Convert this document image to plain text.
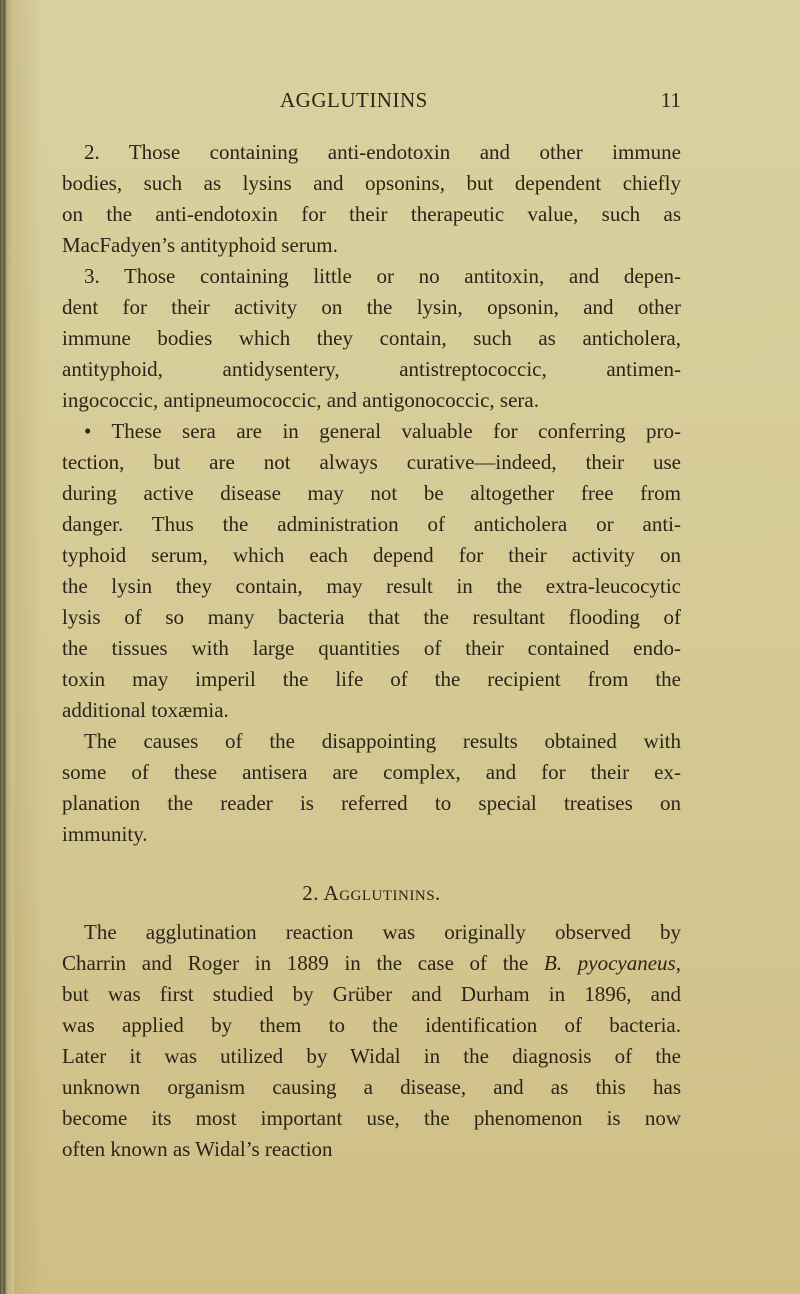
AGGLUTININS	11
2. Those containing anti-endotoxin and other immune
bodies, such as lysins and opsonins, but dependent chiefly
on the anti-endotoxin for their therapeutic value, such as
MacFadyen’s antityphoid serum.
3. Those containing little or no antitoxin, and depen-
dent for their activity on the lysin, opsonin, and other
immune bodies which they contain, such as anticholera,
antityphoid, antidysentery, antistreptococcic, antimen-
ingococcic, antipneumococcic, and antigonococcic, sera.
• These sera are in general valuable for conferring pro-
tection, but are not always curative—indeed, their use
during active disease may not be altogether free from
danger. Thus the administration of anticholera or anti-
typhoid serum, which each depend for their activity on
the lysin they contain, may result in the extra-leucocytic
lysis of so many bacteria that the resultant flooding of
the tissues with large quantities of their contained endo-
toxin may imperil the life of the recipient from the
additional toxæmia.
The causes of the disappointing results obtained with
some of these antisera are complex, and for their ex-
planation the reader is referred to special treatises on
immunity.
2. Agglutinins.
The agglutination reaction was originally observed by
Charrin and Roger in 1889 in the case of the B. pyocyaneus,
but was first studied by Grüber and Durham in 1896, and
was applied by them to the identification of bacteria.
Later it was utilized by Widal in the diagnosis of the
unknown organism causing a disease, and as this has
become its most important use, the phenomenon is now
often known as Widal’s reaction
